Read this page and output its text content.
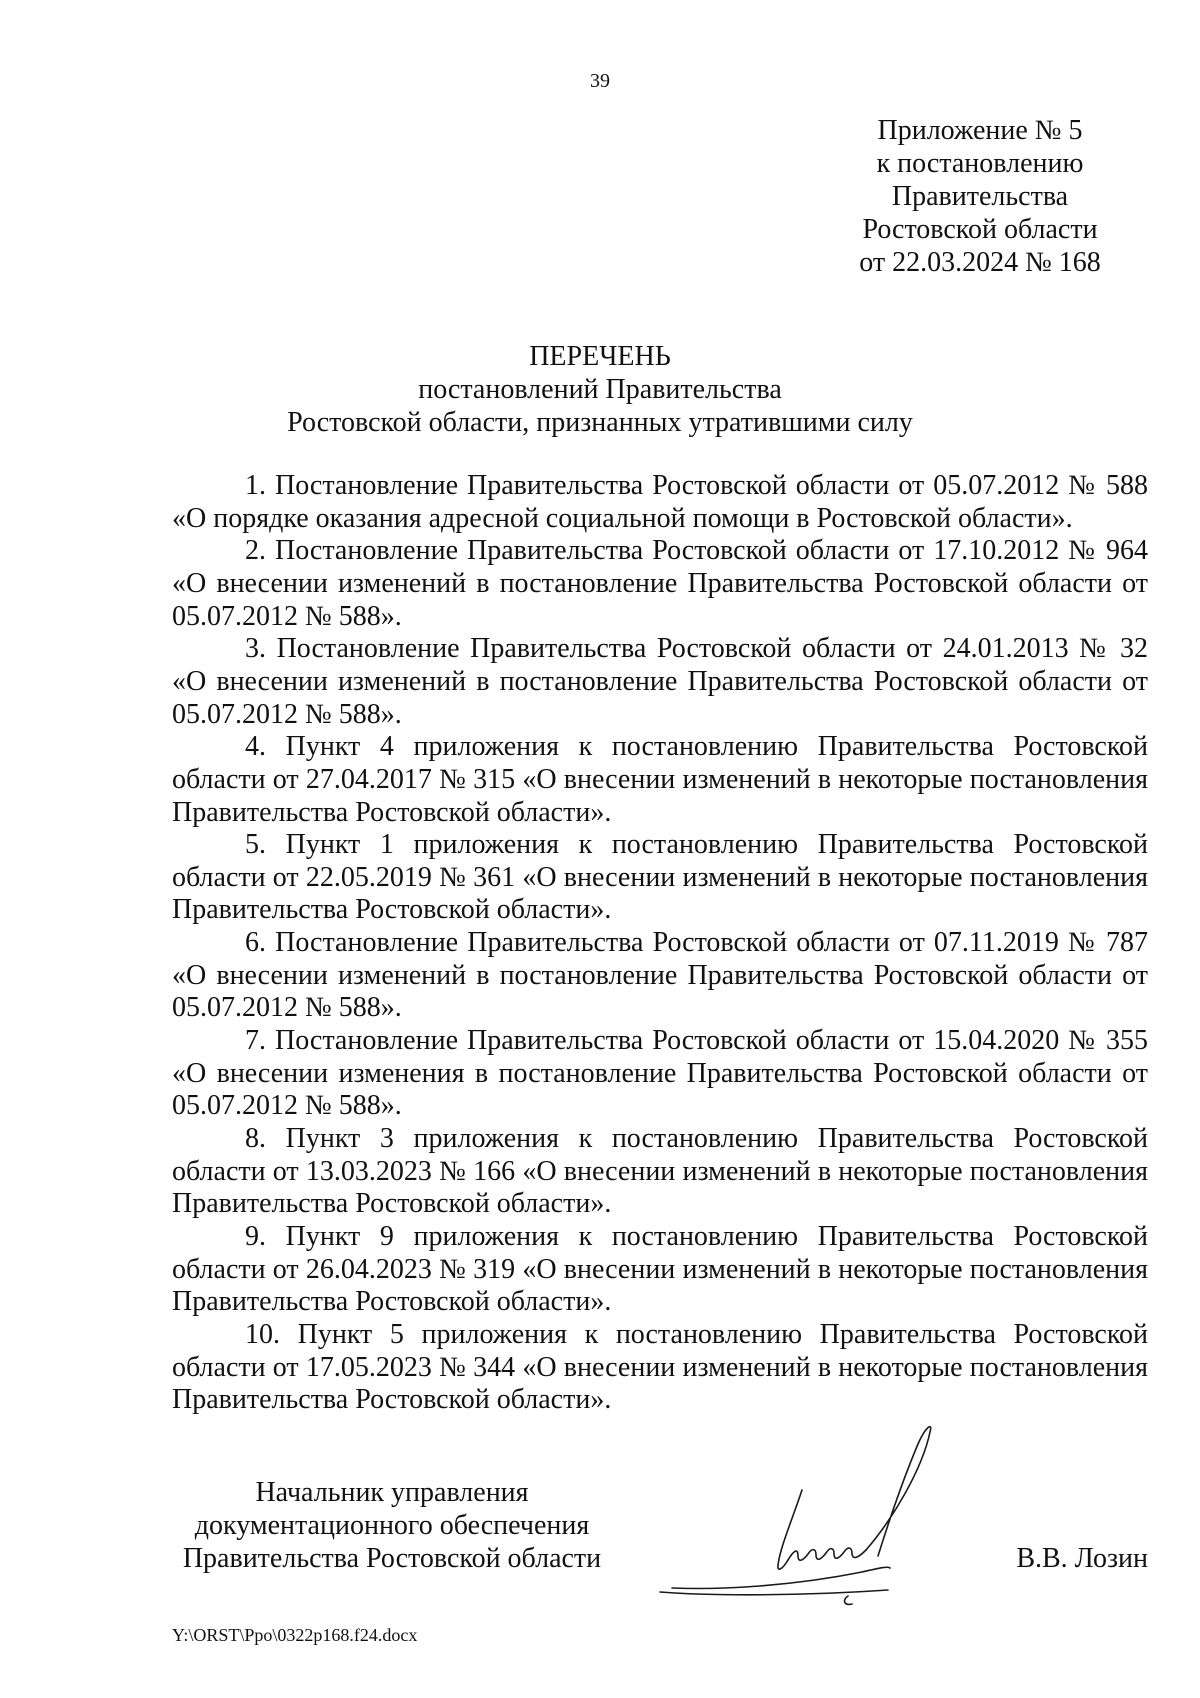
39
Приложение № 5
к постановлению
Правительства
Ростовской области
от 22.03.2024 № 168
ПЕРЕЧЕНЬ
постановлений Правительства
Ростовской области, признанных утратившими силу

1. Постановление Правительства Ростовской области от 05.07.2012 № 588 «О порядке оказания адресной социальной помощи в Ростовской области».

2. Постановление Правительства Ростовской области от 17.10.2012 № 964 «О внесении изменений в постановление Правительства Ростовской области от 05.07.2012 № 588».

3. Постановление Правительства Ростовской области от 24.01.2013 № 32 «О внесении изменений в постановление Правительства Ростовской области от 05.07.2012 № 588».

4. Пункт 4 приложения к постановлению Правительства Ростовской области от 27.04.2017 № 315 «О внесении изменений в некоторые постановления Правительства Ростовской области».

5. Пункт 1 приложения к постановлению Правительства Ростовской области от 22.05.2019 № 361 «О внесении изменений в некоторые постановления Правительства Ростовской области».

6. Постановление Правительства Ростовской области от 07.11.2019 № 787 «О внесении изменений в постановление Правительства Ростовской области от 05.07.2012 № 588».

7. Постановление Правительства Ростовской области от 15.04.2020 № 355 «О внесении изменения в постановление Правительства Ростовской области от 05.07.2012 № 588».

8. Пункт 3 приложения к постановлению Правительства Ростовской области от 13.03.2023 № 166 «О внесении изменений в некоторые постановления Правительства Ростовской области».

9. Пункт 9 приложения к постановлению Правительства Ростовской области от 26.04.2023 № 319 «О внесении изменений в некоторые постановления Правительства Ростовской области».

10. Пункт 5 приложения к постановлению Правительства Ростовской области от 17.05.2023 № 344 «О внесении изменений в некоторые постановления Правительства Ростовской области».

Начальник управления
документационного обеспечения
Правительства Ростовской области	В.В. Лозин
Y:\ORST\Ppo\0322p168.f24.docx
